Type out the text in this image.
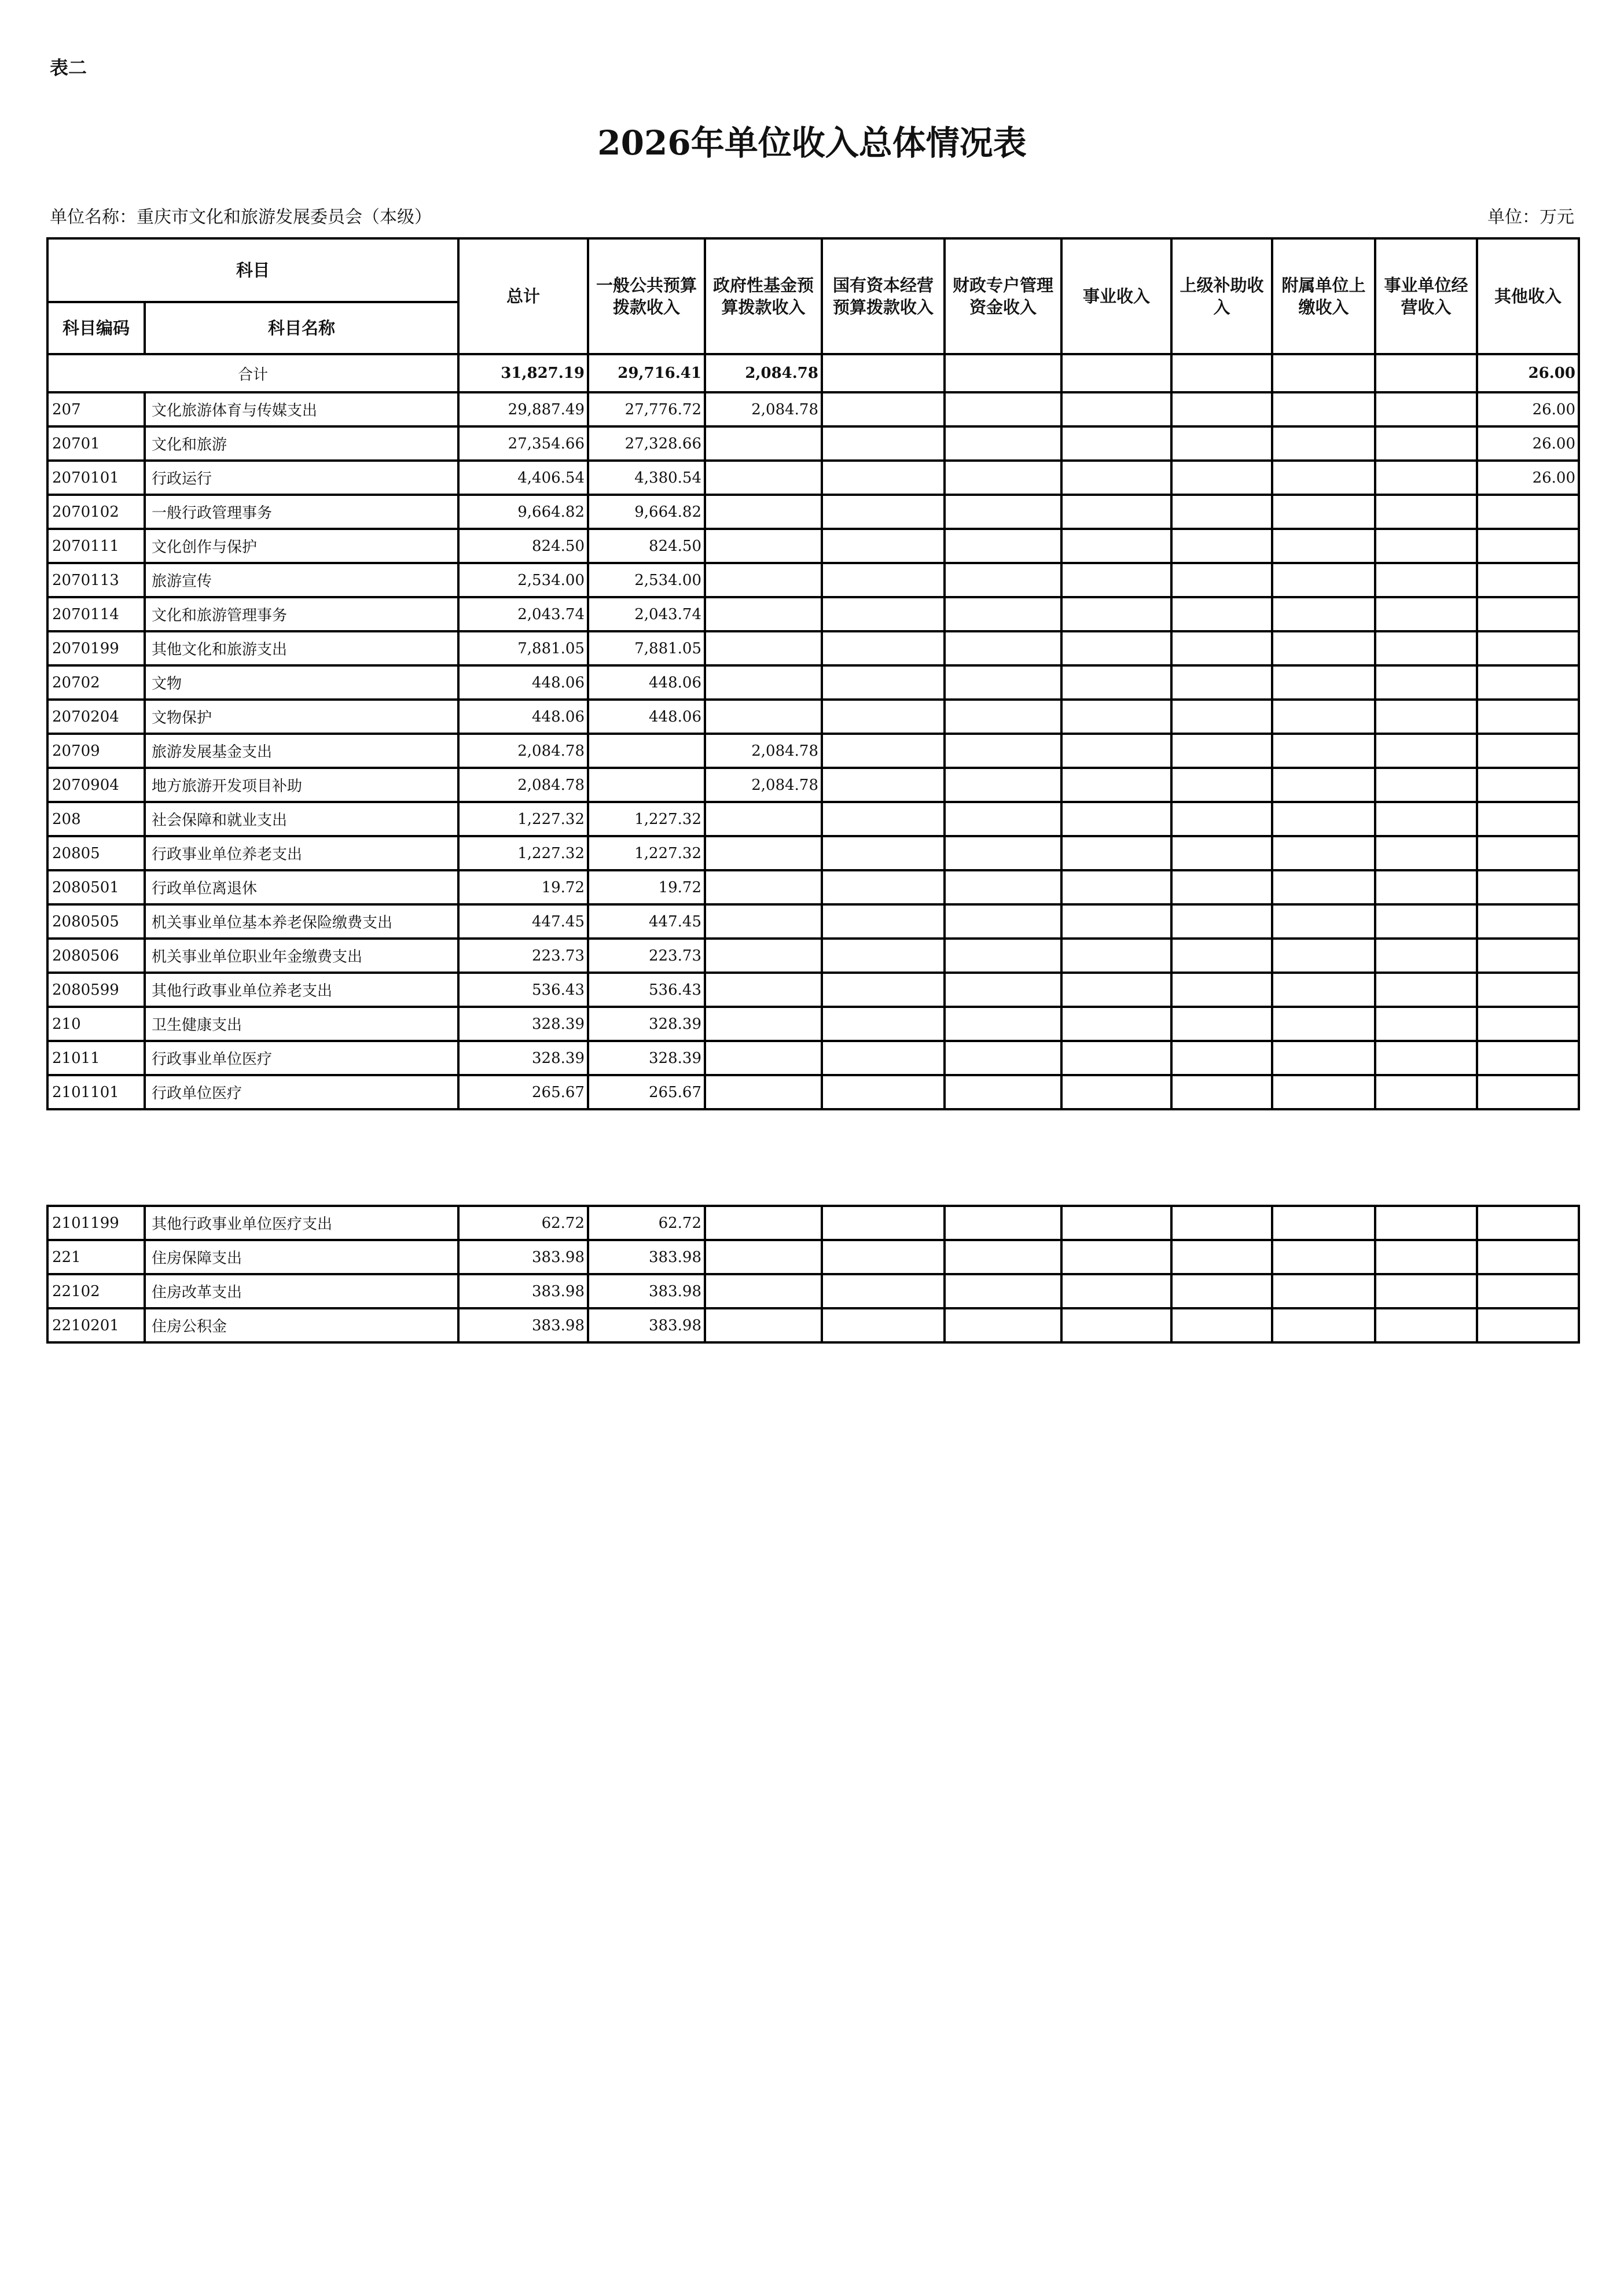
表二
2026年单位收入总体情况表
单位名称：重庆市文化和旅游发展委员会（本级）	单位：万元
科目		总计	一般公共预算拨款收入	政府性基金预算拨款收入	国有资本经营预算拨款收入	财政专户管理资金收入	事业收入	上级补助收入	附属单位上缴收入	事业单位经营收入	其他收入
科目编码	科目名称										
合计		31,827.19	29,716.41	2,084.78							26.00
207	文化旅游体育与传媒支出	29,887.49	27,776.72	2,084.78							26.00
20701	文化和旅游	27,354.66	27,328.66								26.00
2070101	行政运行	4,406.54	4,380.54								26.00
2070102	一般行政管理事务	9,664.82	9,664.82								
2070111	文化创作与保护	824.50	824.50								
2070113	旅游宣传	2,534.00	2,534.00								
2070114	文化和旅游管理事务	2,043.74	2,043.74								
2070199	其他文化和旅游支出	7,881.05	7,881.05								
20702	文物	448.06	448.06								
2070204	文物保护	448.06	448.06								
20709	旅游发展基金支出	2,084.78		2,084.78							
2070904	地方旅游开发项目补助	2,084.78		2,084.78							
208	社会保障和就业支出	1,227.32	1,227.32								
20805	行政事业单位养老支出	1,227.32	1,227.32								
2080501	行政单位离退休	19.72	19.72								
2080505	机关事业单位基本养老保险缴费支出	447.45	447.45								
2080506	机关事业单位职业年金缴费支出	223.73	223.73								
2080599	其他行政事业单位养老支出	536.43	536.43								
210	卫生健康支出	328.39	328.39								
21011	行政事业单位医疗	328.39	328.39								
2101101	行政单位医疗	265.67	265.67								
2101199	其他行政事业单位医疗支出	62.72	62.72								
221	住房保障支出	383.98	383.98								
22102	住房改革支出	383.98	383.98								
2210201	住房公积金	383.98	383.98								
